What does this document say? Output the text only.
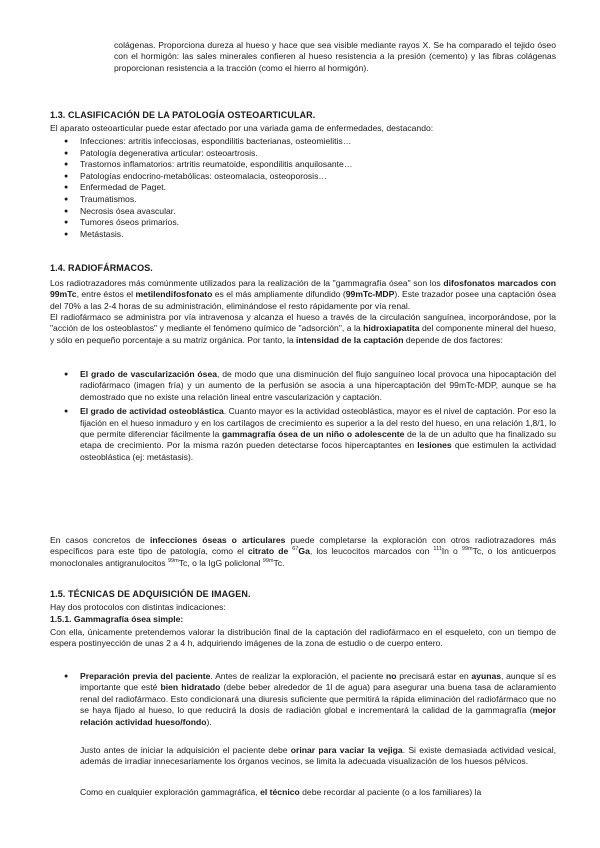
colágenas. Proporciona dureza al hueso y hace que sea visible mediante rayos X. Se ha comparado el tejido óseo con el hormigón: las sales minerales confieren al hueso resistencia a la presión (cemento) y las fibras colágenas proporcionan resistencia a la tracción (como el hierro al hormigón).

1.3. CLASIFICACIÓN DE LA PATOLOGÍA OSTEOARTICULAR.

El aparato osteoarticular puede estar afectado por una variada gama de enfermedades, destacando:

● Infecciones: artritis infecciosas, espondilitis bacterianas, osteomielitis…
● Patología degenerativa articular: osteoartrosis.
● Trastornos inflamatorios: artritis reumatoide, espondilitis anquilosante…
● Patologías endocrino-metabólicas: osteomalacia, osteoporosis…
● Enfermedad de Paget.
● Traumatismos.
● Necrosis ósea avascular.
● Tumores óseos primarios.
● Metástasis.
1.4. RADIOFÁRMACOS.

Los radiotrazadores más comúnmente utilizados para la realización de la "gammagrafía ósea" son los difosfonatos marcados con 99mTc, entre éstos el metilendifosfonato es el más ampliamente difundido (99mTc-MDP). Este trazador posee una captación ósea del 70% a las 2-4 horas de su administración, eliminándose el resto rápidamente por vía renal.

El radiofármaco se administra por vía intravenosa y alcanza el hueso a través de la circulación sanguínea, incorporándose, por la "acción de los osteoblastos" y mediante el fenómeno químico de "adsorción", a la hidroxiapatita del componente mineral del hueso, y sólo en pequeño porcentaje a su matriz orgánica. Por tanto, la intensidad de la captación depende de dos factores:

● El grado de vascularización ósea, de modo que una disminución del flujo sanguíneo local provoca una hipocaptación del radiofármaco (imagen fría) y un aumento de la perfusión se asocia a una hipercaptación del 99mTc-MDP, aunque se ha demostrado que no existe una relación lineal entre vascularización y captación.
● El grado de actividad osteoblástica. Cuanto mayor es la actividad osteoblástica, mayor es el nivel de captación. Por eso la fijación en el hueso inmaduro y en los cartílagos de crecimiento es superior a la del resto del hueso, en una relación 1,8/1, lo que permite diferenciar fácilmente la gammagrafía ósea de un niño o adolescente de la de un adulto que ha finalizado su etapa de crecimiento. Por la misma razón pueden detectarse focos hipercaptantes en lesiones que estimulen la actividad osteoblástica (ej: metástasis).

En casos concretos de infecciones óseas o articulares puede completarse la exploración con otros radiotrazadores más específicos para este tipo de patología, como el citrato de $^{67}$Ga, los leucocitos marcados con $^{111}$In o $^{99m}$Tc, o los anticuerpos monoclonales antigranulocitos $^{99m}$Tc, o la IgG policlonal $^{99m}$Tc.

1.5. TÉCNICAS DE ADQUISICIÓN DE IMAGEN.

Hay dos protocolos con distintas indicaciones:

1.5.1. Gammagrafía ósea simple:

Con ella, únicamente pretendemos valorar la distribución final de la captación del radiofármaco en el esqueleto, con un tiempo de espera postinyección de unas 2 a 4 h, adquiriendo imágenes de la zona de estudio o de cuerpo entero.

● Preparación previa del paciente. Antes de realizar la exploración, el paciente no precisará estar en ayunas, aunque sí es importante que esté bien hidratado (debe beber alrededor de 1l de agua) para asegurar una buena tasa de aclaramiento renal del radiofármaco. Esto condicionará una diuresis suficiente que permitirá la rápida eliminación del radiofármaco que no se haya fijado al hueso, lo que reducirá la dosis de radiación global e incrementará la calidad de la gammagrafía (mejor relación actividad hueso/fondo).

Justo antes de iniciar la adquisición el paciente debe orinar para vaciar la vejiga. Si existe demasiada actividad vesical, además de irradiar innecesariamente los órganos vecinos, se limita la adecuada visualización de los huesos pélvicos.

Como en cualquier exploración gammagráfica, el técnico debe recordar al paciente (o a los familiares) la
